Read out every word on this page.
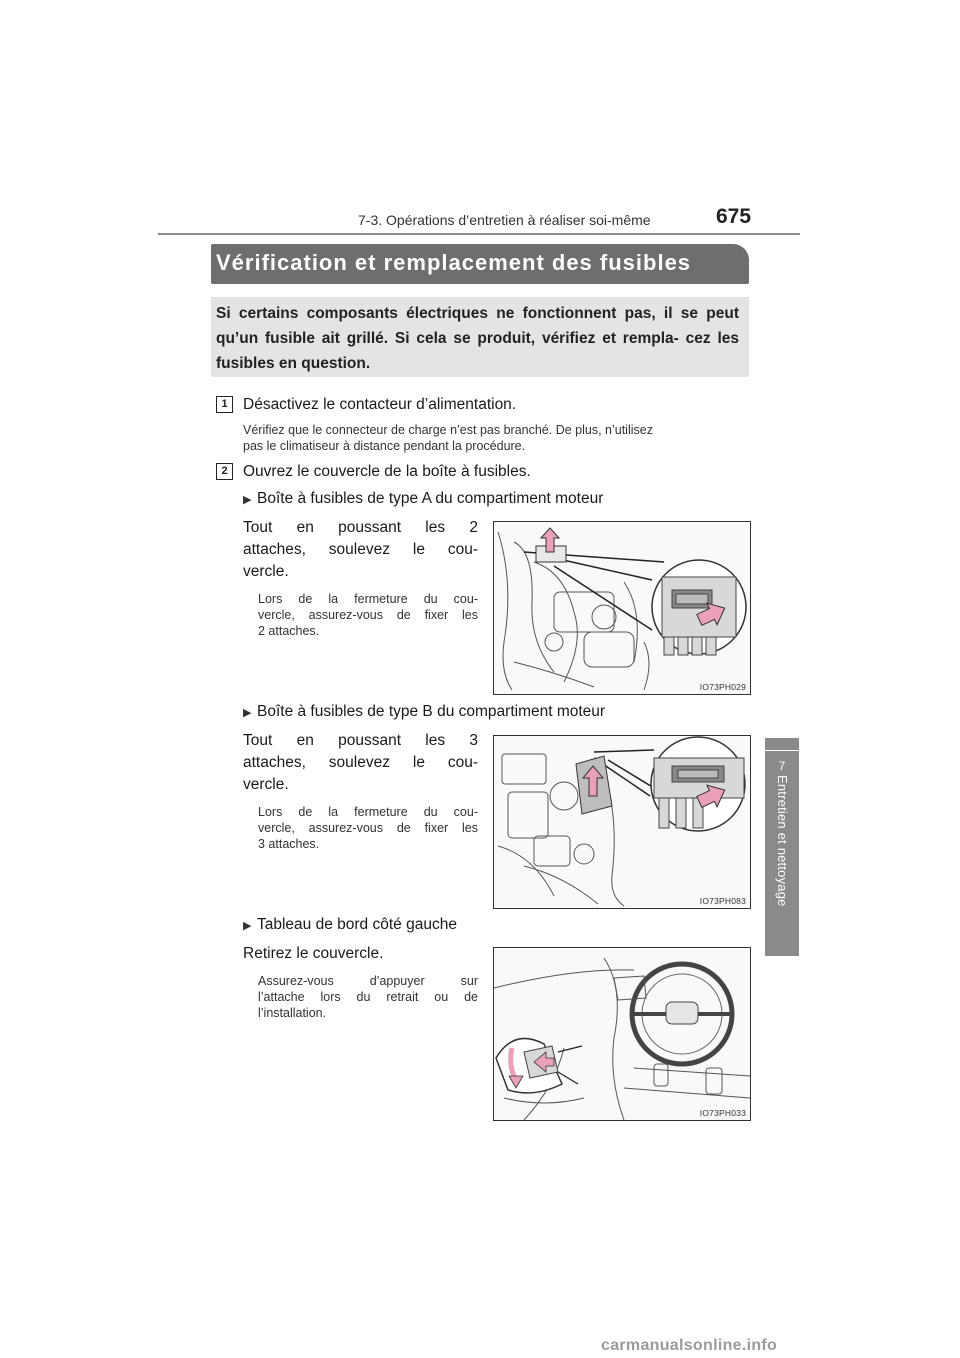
7-3. Opérations d’entretien à réaliser soi-même	675
7
Entretien et nettoyage
Vérification et remplacement des fusibles
Si certains composants électriques ne fonctionnent pas, il se peut qu’un fusible ait grillé. Si cela se produit, vérifiez et rempla- cez les fusibles en question.
1 Désactivez le contacteur d’alimentation.
Vérifiez que le connecteur de charge n’est pas branché. De plus, n’utilisez
pas le climatiseur à distance pendant la procédure.
2 Ouvrez le couvercle de la boîte à fusibles.
▶ Boîte à fusibles de type A du compartiment moteur
Tout en poussant les 2
attaches, soulevez le cou-
vercle.
Lors de la fermeture du cou-
vercle, assurez-vous de fixer les
2 attaches.
IO73PH029
▶ Boîte à fusibles de type B du compartiment moteur
Tout en poussant les 3
attaches, soulevez le cou-
vercle.
Lors de la fermeture du cou-
vercle, assurez-vous de fixer les
3 attaches.
IO73PH083
▶ Tableau de bord côté gauche
Retirez le couvercle.
Assurez-vous d’appuyer sur
l’attache lors du retrait ou de
l’installation.
IO73PH033
carmanualsonline.info
